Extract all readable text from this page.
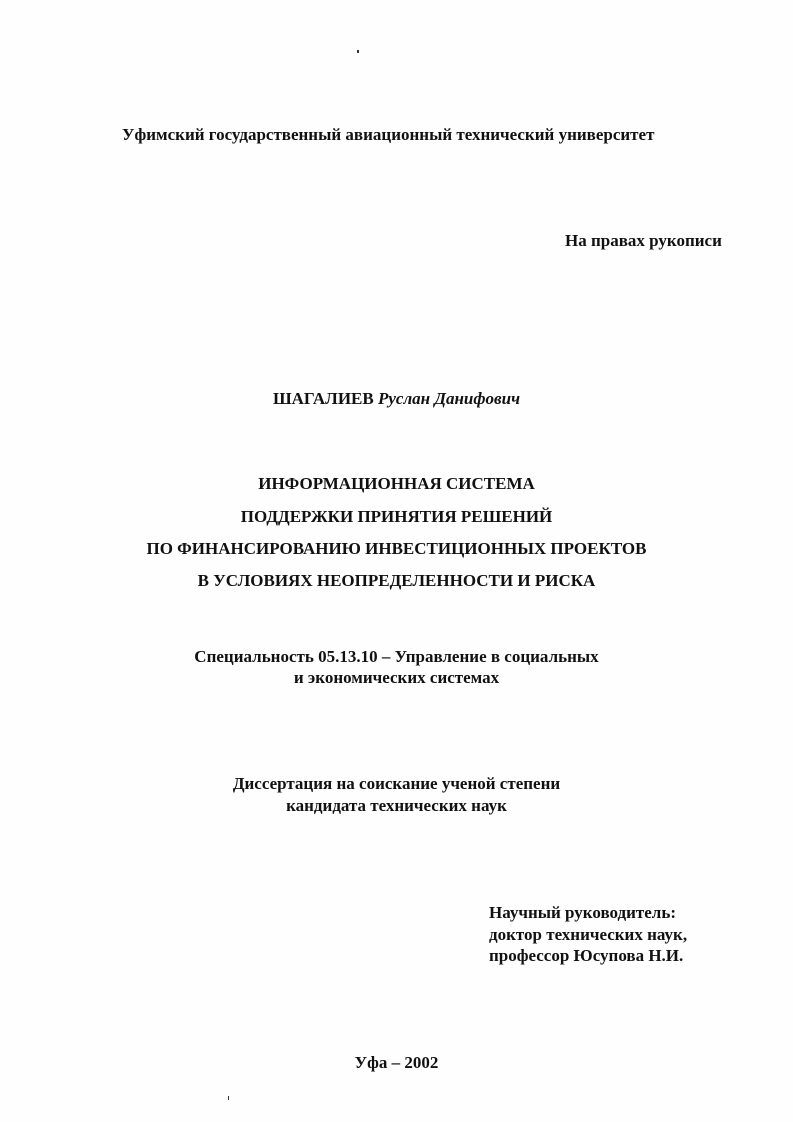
Уфимский государственный авиационный технический университет
На правах рукописи
ШАГАЛИЕВ Руслан Данифович
ИНФОРМАЦИОННАЯ СИСТЕМА
ПОДДЕРЖКИ ПРИНЯТИЯ РЕШЕНИЙ
ПО ФИНАНСИРОВАНИЮ ИНВЕСТИЦИОННЫХ ПРОЕКТОВ
В УСЛОВИЯХ НЕОПРЕДЕЛЕННОСТИ И РИСКА
Специальность 05.13.10 – Управление в социальных
и экономических системах
Диссертация на соискание ученой степени
кандидата технических наук
Научный руководитель:
доктор технических наук,
профессор Юсупова Н.И.
Уфа – 2002
